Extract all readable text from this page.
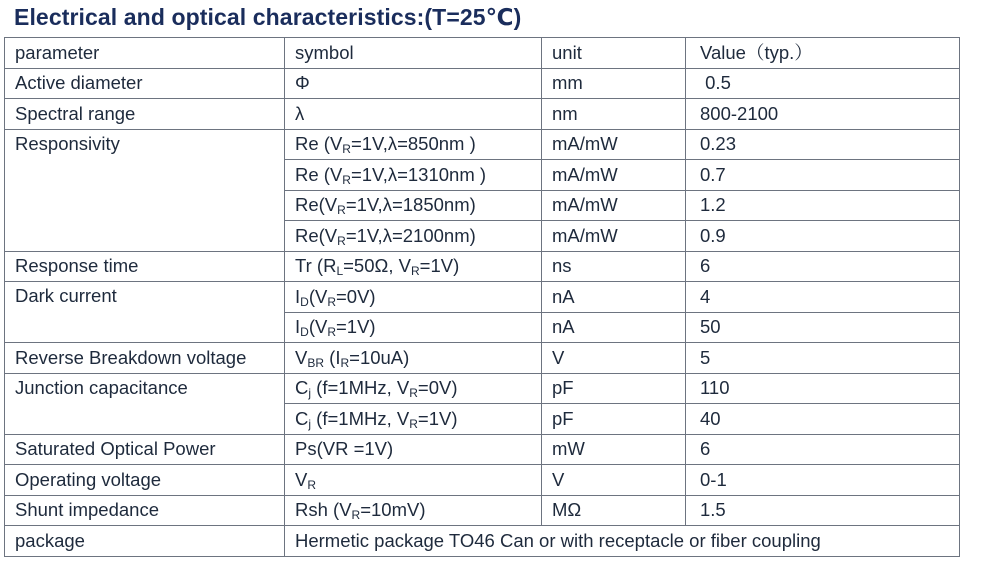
Electrical and optical characteristics:(T=25℃)
parameter	symbol	unit	Value（typ.）
Active diameter	Φ	mm	0.5
Spectral range	λ	nm	800-2100
Responsivity	Re ($V_R=1V,\lambda=850nm$ )	mA/mW	0.23
	Re ($V_R=1V,\lambda=1310nm$ )	mA/mW	0.7
	$Re(V_R=1V,\lambda=1850nm)$	mA/mW	1.2
	$Re(V_R=1V,\lambda=2100nm)$	mA/mW	0.9
Response time	Tr ($R_L=50\Omega$, $V_R=1V$)	ns	6
Dark current	$I_D(V_R=0V)$	nA	4
	$I_D(V_R=1V)$	nA	50
Reverse Breakdown voltage	$V_{BR}$ $(I_R=10uA)$	V	5
Junction capacitance	$C_j$ (f=1MHz, $V_R=0V$)	pF	110
	$C_j$ (f=1MHz, $V_R=1V$)	pF	40
Saturated Optical Power	Ps(VR =1V)	mW	6
Operating voltage	$V_R$	V	0-1
Shunt impedance	Rsh $(V_R=10mV)$	MΩ	1.5
package	Hermetic package TO46 Can or with receptacle or fiber coupling		
